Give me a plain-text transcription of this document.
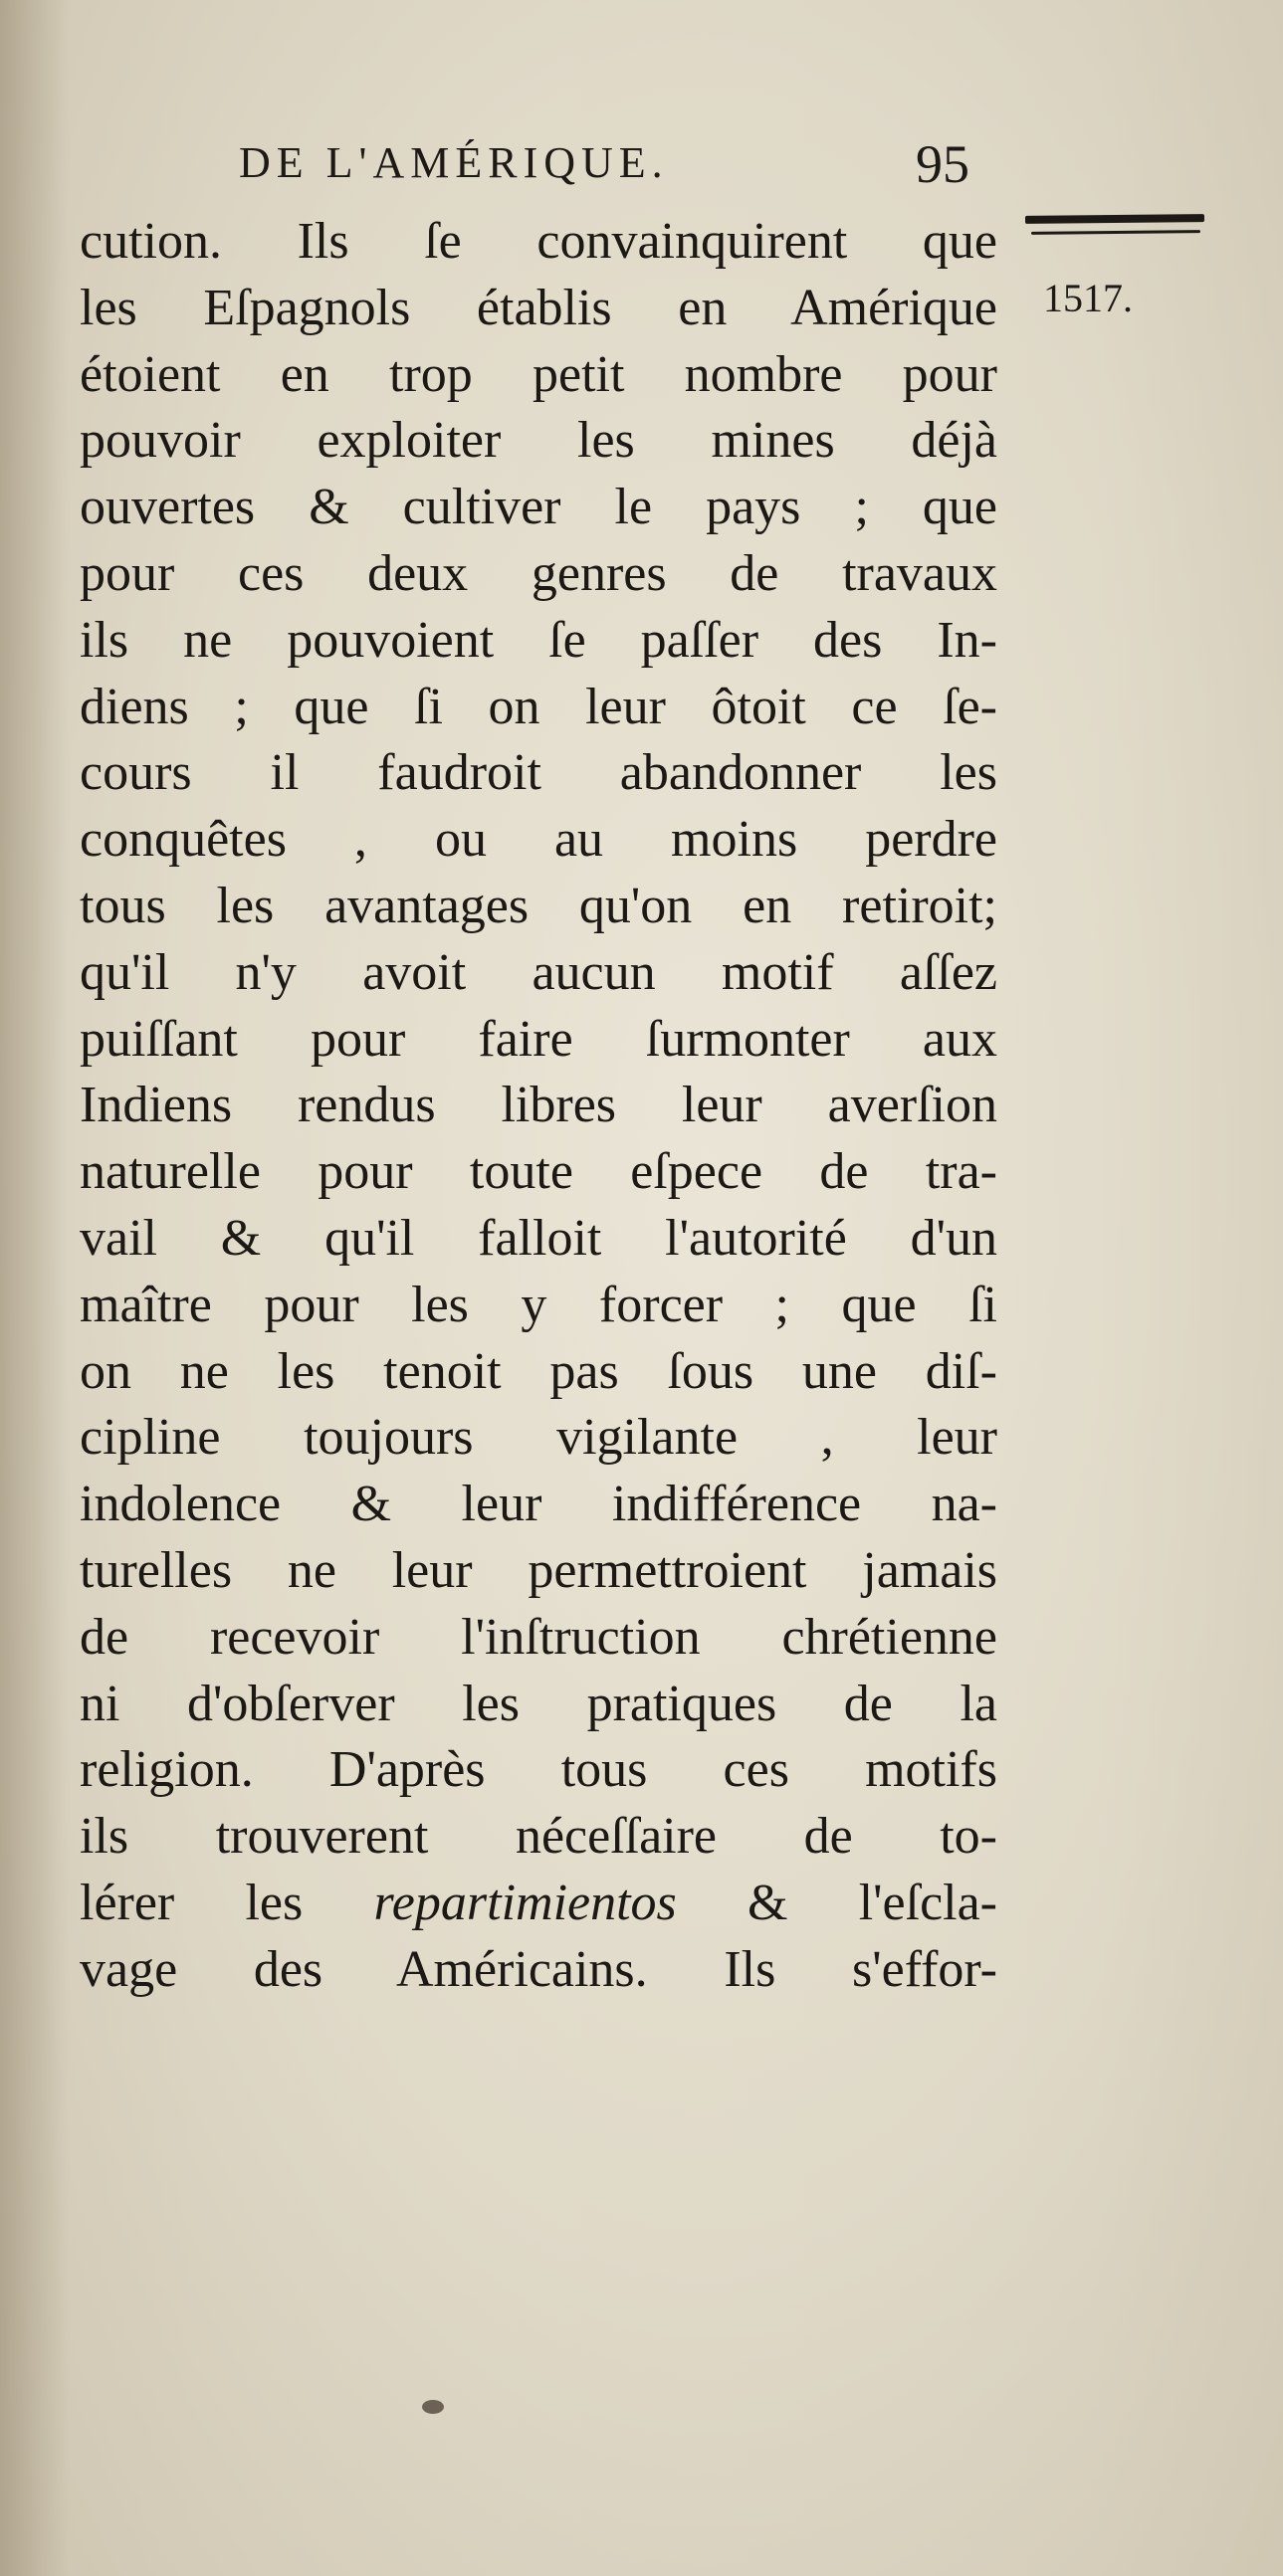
DE L'AMÉRIQUE.	95
1517.
cution. Ils ſe convainquirent que
les Eſpagnols établis en Amérique
étoient en trop petit nombre pour
pouvoir exploiter les mines déjà
ouvertes & cultiver le pays ; que
pour ces deux genres de travaux
ils ne pouvoient ſe paſſer des In-
diens ; que ſi on leur ôtoit ce ſe-
cours il faudroit abandonner les
conquêtes , ou au moins perdre
tous les avantages qu'on en retiroit;
qu'il n'y avoit aucun motif aſſez
puiſſant pour faire ſurmonter aux
Indiens rendus libres leur averſion
naturelle pour toute eſpece de tra-
vail & qu'il falloit l'autorité d'un
maître pour les y forcer ; que ſi
on ne les tenoit pas ſous une diſ-
cipline toujours vigilante , leur
indolence & leur indifférence na-
turelles ne leur permettroient jamais
de recevoir l'inſtruction chrétienne
ni d'obſerver les pratiques de la
religion. D'après tous ces motifs
ils trouverent néceſſaire de to-
lérer les repartimientos & l'eſcla-
vage des Américains. Ils s'effor-
